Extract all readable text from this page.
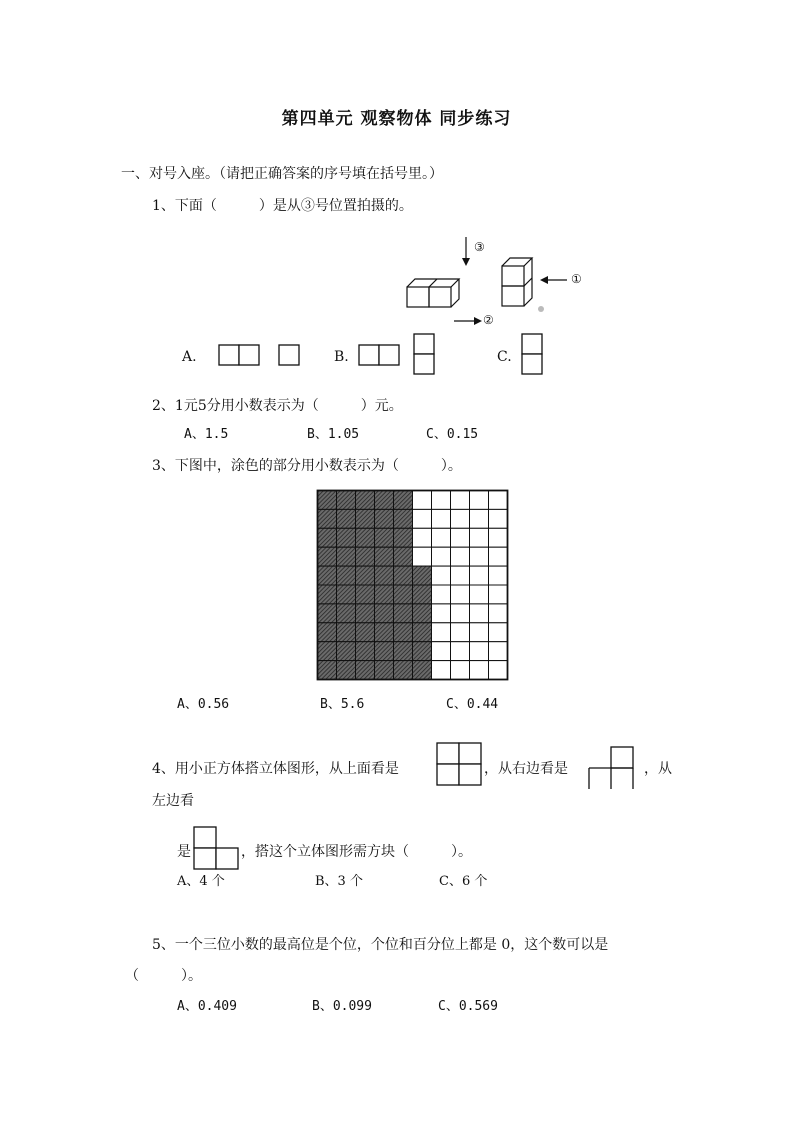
第四单元 观察物体 同步练习
一、对号入座。（请把正确答案的序号填在括号里。）
1、下面（　　　）是从③号位置拍摄的。
③
①
②
A.	B.	C.
2、1元5分用小数表示为（　　　）元。
A、1.5	B、1.05	C、0.15
3、下图中，涂色的部分用小数表示为（　　　）。
A、0.56	B、5.6	C、0.44
4、用小正方体搭立体图形，从上面看是	，从右边看是	，从
左边看
是	，搭这个立体图形需方块（　　　）。
A、4 个	B、3 个	C、6 个
5、一个三位小数的最高位是个位，个位和百分位上都是 0，这个数可以是
（　　　）。
A、0.409	B、0.099	C、0.569
